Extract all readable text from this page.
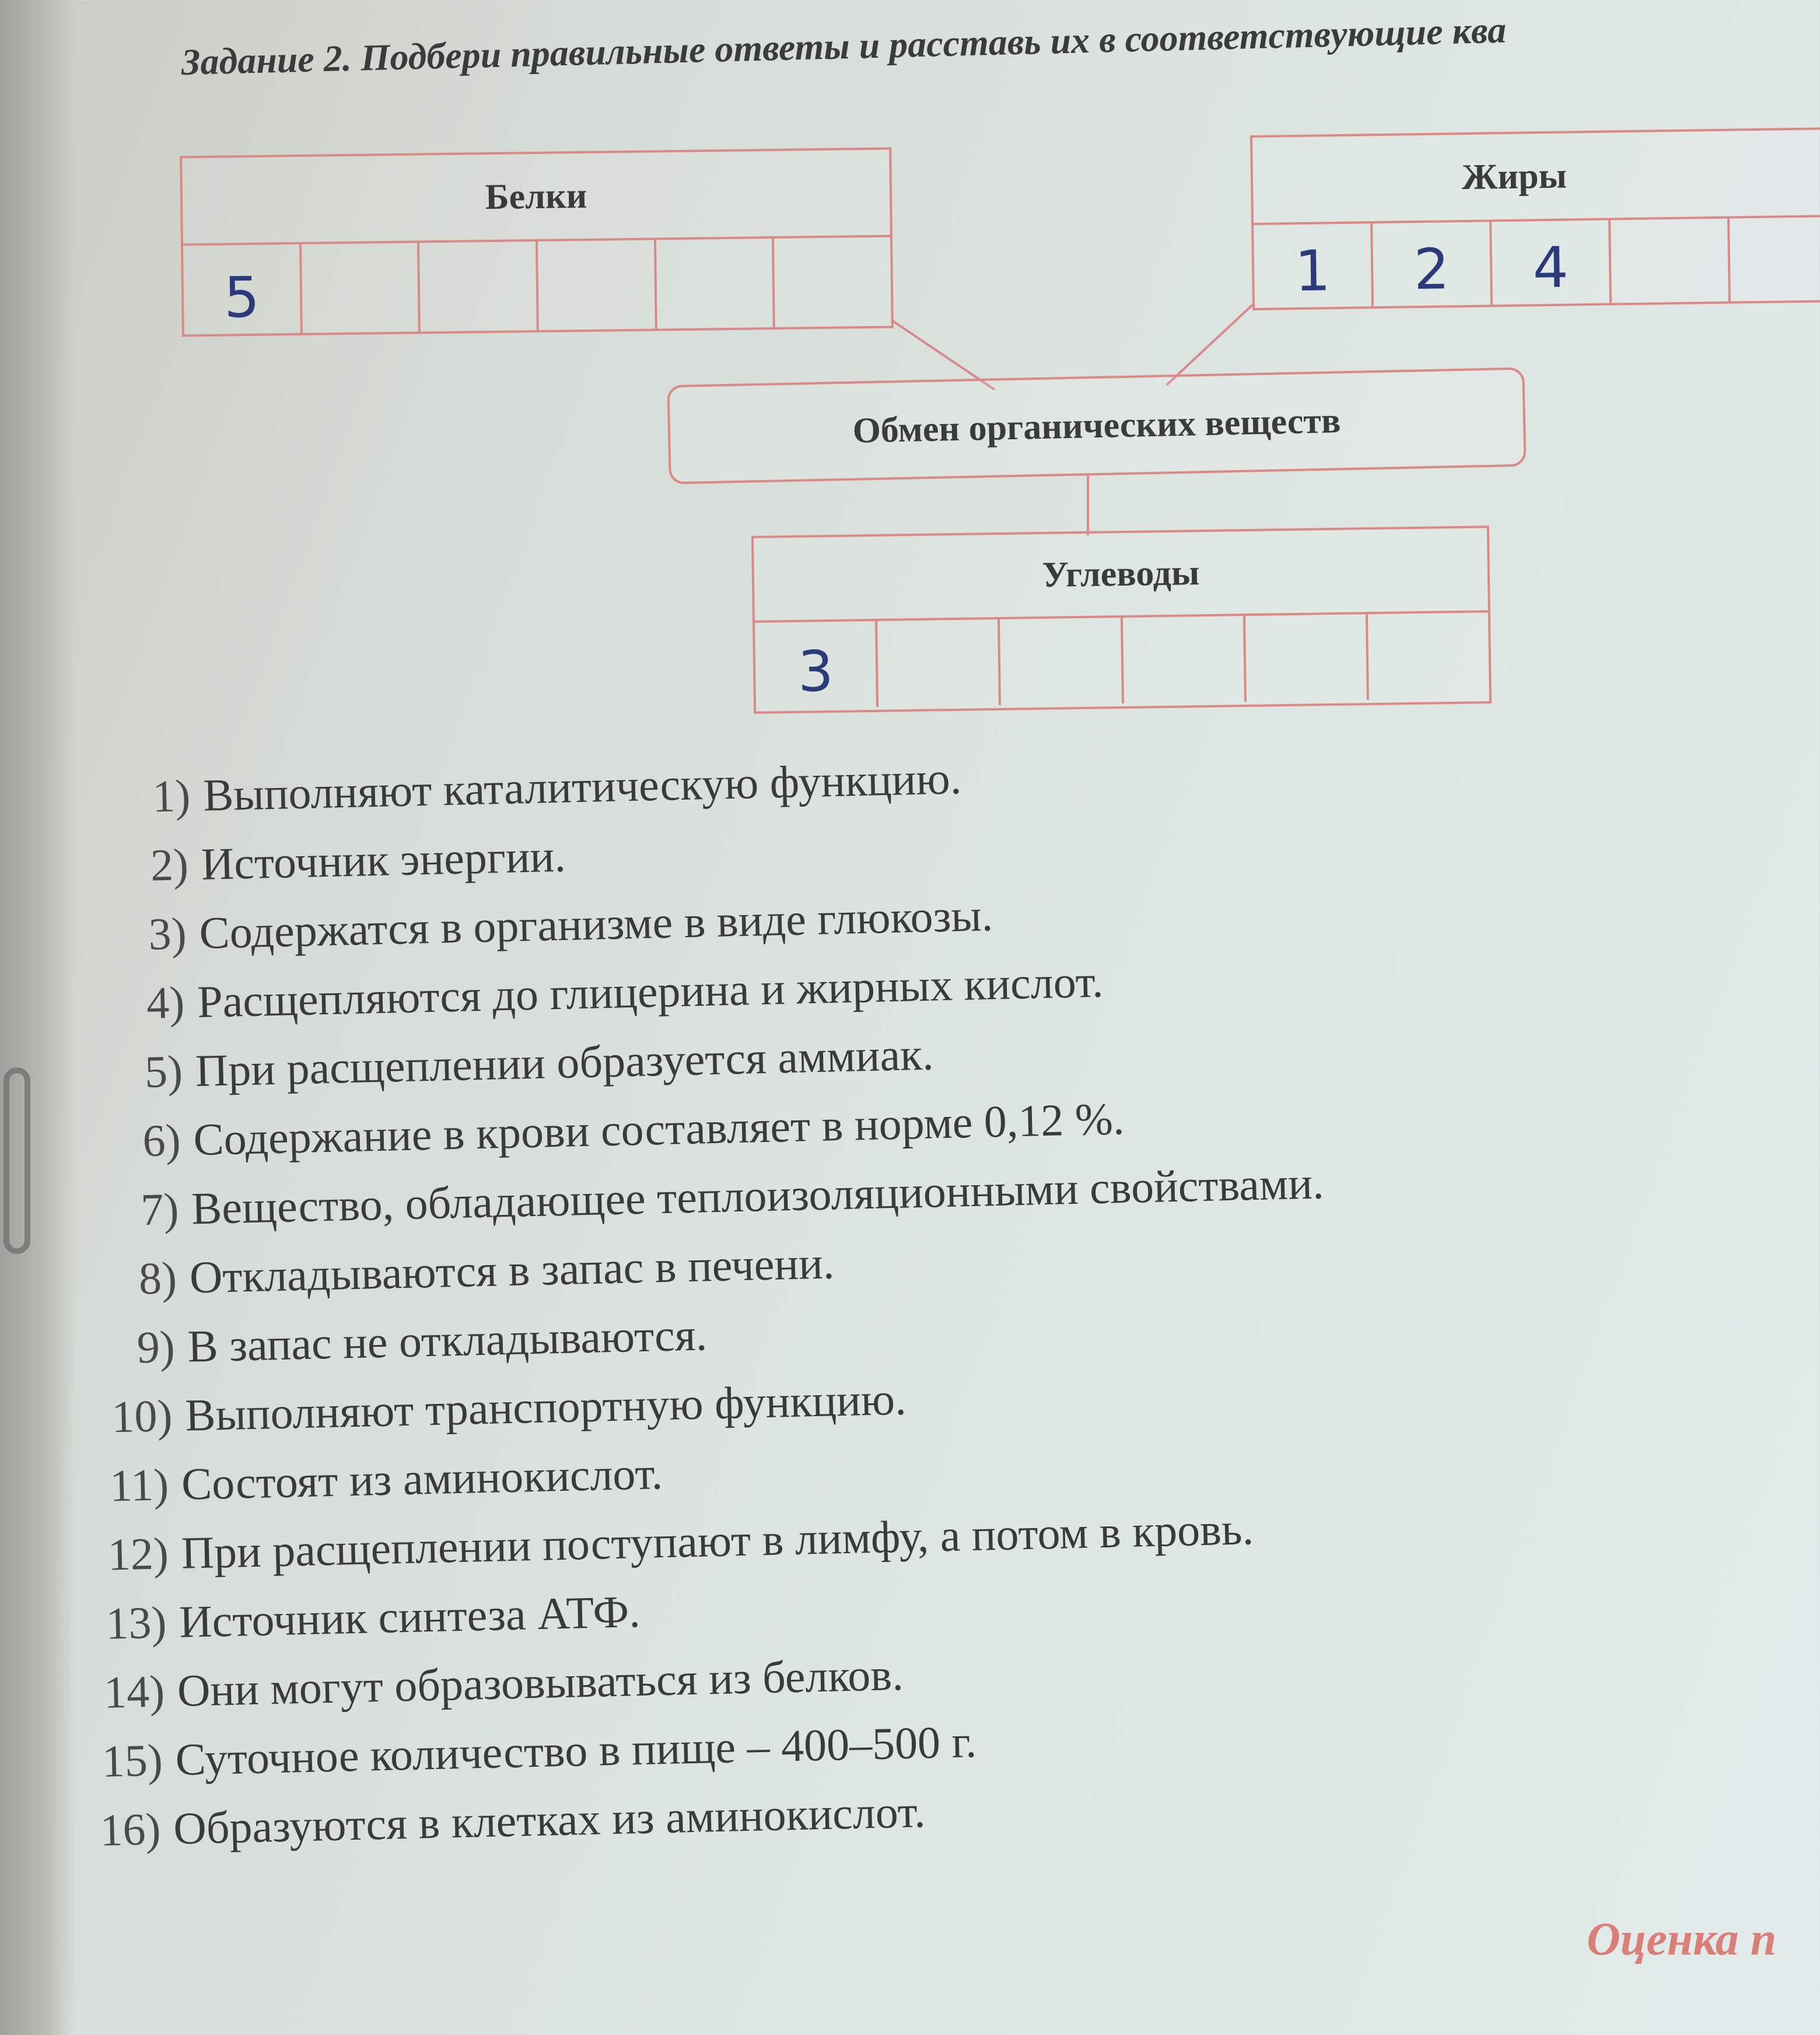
Задание 2. Подбери правильные ответы и расставь их в соответствующие ква
Белки
5
Жиры
1	2	4
Обмен органических веществ
Углеводы
3
1) Выполняют каталитическую функцию.
2) Источник энергии.
3) Содержатся в организме в виде глюкозы.
4) Расщепляются до глицерина и жирных кислот.
5) При расщеплении образуется аммиак.
6) Содержание в крови составляет в норме 0,12 %.
7) Вещество, обладающее теплоизоляционными свойствами.
8) Откладываются в запас в печени.
9) В запас не откладываются.
10) Выполняют транспортную функцию.
11) Состоят из аминокислот.
12) При расщеплении поступают в лимфу, а потом в кровь.
13) Источник синтеза АТФ.
14) Они могут образовываться из белков.
15) Суточное количество в пище – 400–500 г.
16) Образуются в клетках из аминокислот.
Оценка п
